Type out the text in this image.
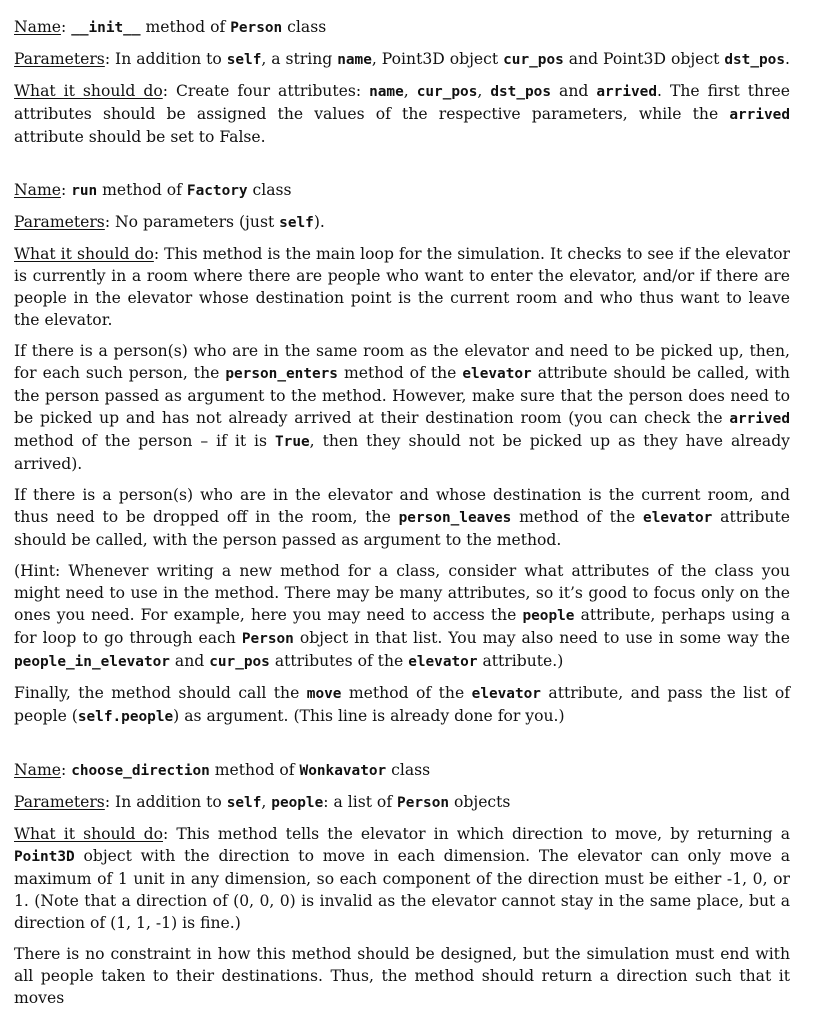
Name: __init__ method of Person class

Parameters: In addition to self, a string name, Point3D object cur_pos and Point3D object dst_pos.

What it should do: Create four attributes: name, cur_pos, dst_pos and arrived. The first three attributes should be assigned the values of the respective parameters, while the arrived attribute should be set to False.

Name: run method of Factory class

Parameters: No parameters (just self).

What it should do: This method is the main loop for the simulation. It checks to see if the elevator is currently in a room where there are people who want to enter the elevator, and/or if there are people in the elevator whose destination point is the current room and who thus want to leave the elevator.

If there is a person(s) who are in the same room as the elevator and need to be picked up, then, for each such person, the person_enters method of the elevator attribute should be called, with the person passed as argument to the method. However, make sure that the person does need to be picked up and has not already arrived at their destination room (you can check the arrived method of the person – if it is True, then they should not be picked up as they have already arrived).

If there is a person(s) who are in the elevator and whose destination is the current room, and thus need to be dropped off in the room, the person_leaves method of the elevator attribute should be called, with the person passed as argument to the method.

(Hint: Whenever writing a new method for a class, consider what attributes of the class you might need to use in the method. There may be many attributes, so it’s good to focus only on the ones you need. For example, here you may need to access the people attribute, perhaps using a for loop to go through each Person object in that list. You may also need to use in some way the people_in_elevator and cur_pos attributes of the elevator attribute.)

Finally, the method should call the move method of the elevator attribute, and pass the list of people (self.people) as argument. (This line is already done for you.)

Name: choose_direction method of Wonkavator class

Parameters: In addition to self, people: a list of Person objects

What it should do: This method tells the elevator in which direction to move, by returning a Point3D object with the direction to move in each dimension. The elevator can only move a maximum of 1 unit in any dimension, so each component of the direction must be either -1, 0, or 1. (Note that a direction of (0, 0, 0) is invalid as the elevator cannot stay in the same place, but a direction of (1, 1, -1) is fine.)

There is no constraint in how this method should be designed, but the simulation must end with all people taken to their destinations. Thus, the method should return a direction such that it moves
